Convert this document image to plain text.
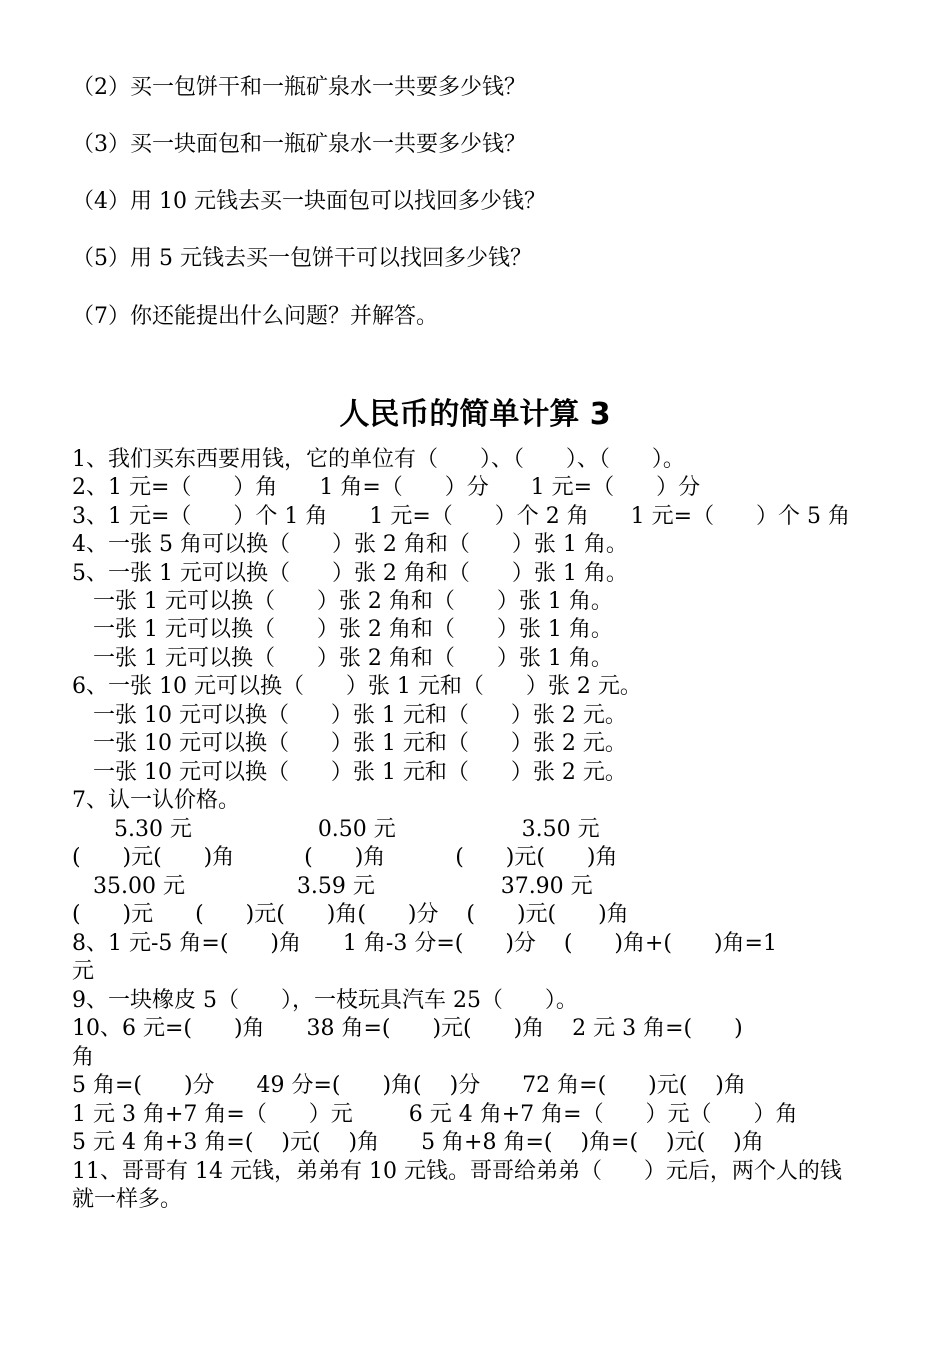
（2）买一包饼干和一瓶矿泉水一共要多少钱？
（3）买一块面包和一瓶矿泉水一共要多少钱？
（4）用 10 元钱去买一块面包可以找回多少钱？
（5）用 5 元钱去买一包饼干可以找回多少钱？
（7）你还能提出什么问题？并解答。
人民币的简单计算 3
1、我们买东西要用钱，它的单位有（      ）、（      ）、（      ）。
2、1 元=（      ）角      1 角=（      ）分      1 元=（      ）分
3、1 元=（      ）个 1 角      1 元=（      ）个 2 角      1 元=（      ）个 5 角
4、一张 5 角可以换（      ）张 2 角和（      ）张 1 角。
5、一张 1 元可以换（      ）张 2 角和（      ）张 1 角。
一张 1 元可以换（      ）张 2 角和（      ）张 1 角。
一张 1 元可以换（      ）张 2 角和（      ）张 1 角。
一张 1 元可以换（      ）张 2 角和（      ）张 1 角。
6、一张 10 元可以换（      ）张 1 元和（      ）张 2 元。
一张 10 元可以换（      ）张 1 元和（      ）张 2 元。
一张 10 元可以换（      ）张 1 元和（      ）张 2 元。
一张 10 元可以换（      ）张 1 元和（      ）张 2 元。
7、认一认价格。
5.30 元                  0.50 元                  3.50 元
(      )元(      )角          (      )角          (      )元(      )角
35.00 元                3.59 元                  37.90 元
(      )元      (      )元(      )角(      )分    (      )元(      )角
8、1 元-5 角=(      )角      1 角-3 分=(      )分    (      )角+(      )角=1
元
9、一块橡皮 5（      ），一枝玩具汽车 25（      ）。
10、6 元=(      )角      38 角=(      )元(      )角    2 元 3 角=(      )
角
5 角=(      )分      49 分=(      )角(    )分      72 角=(      )元(    )角
1 元 3 角+7 角=（      ）元        6 元 4 角+7 角=（      ）元（      ）角
5 元 4 角+3 角=(    )元(    )角      5 角+8 角=(    )角=(    )元(    )角
11、哥哥有 14 元钱，弟弟有 10 元钱。哥哥给弟弟（      ）元后，两个人的钱
就一样多。
